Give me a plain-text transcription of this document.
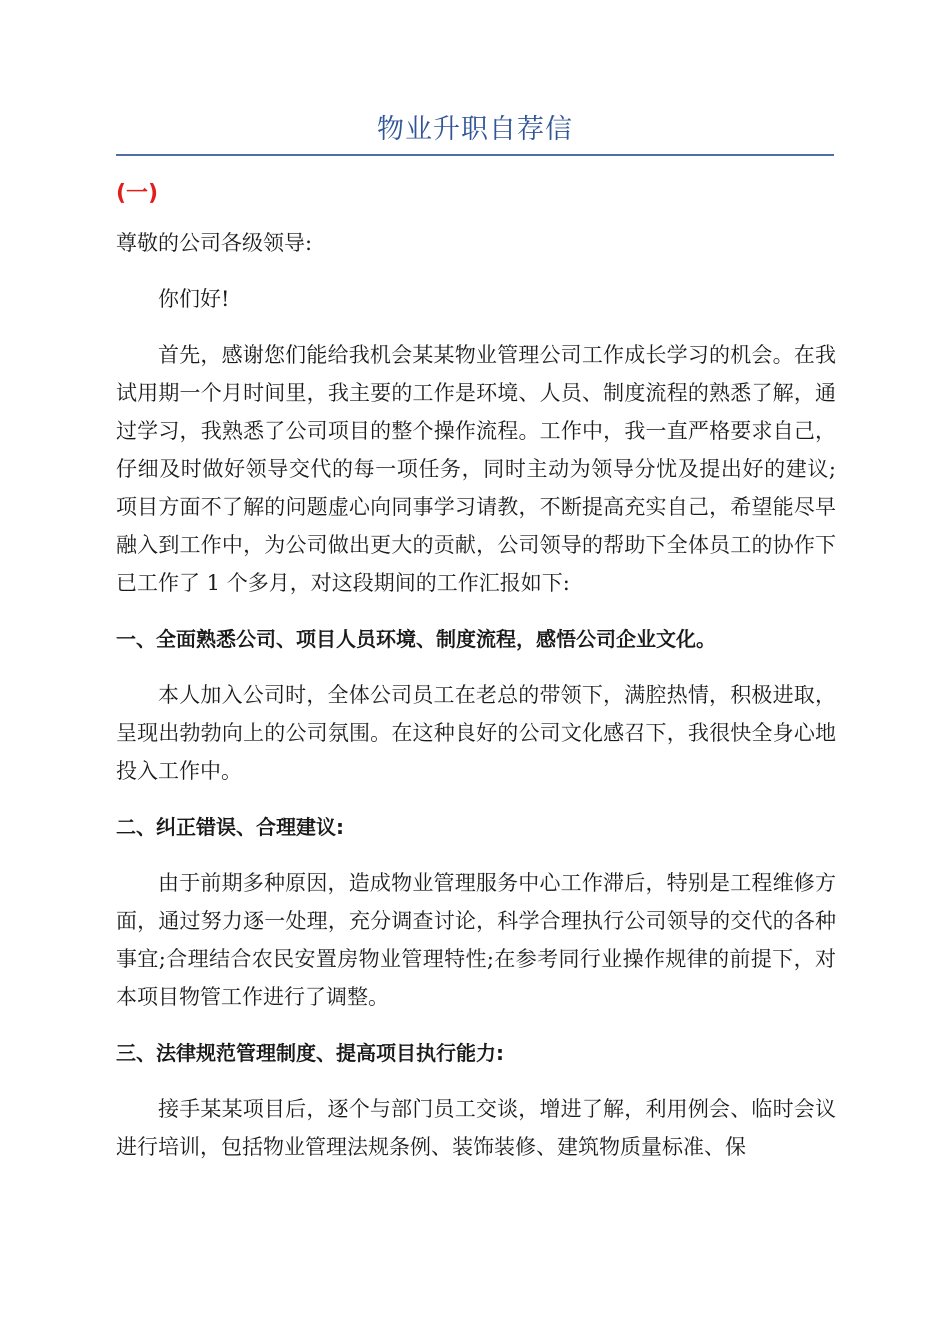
物业升职自荐信
(一)

尊敬的公司各级领导:

你们好!

首先，感谢您们能给我机会某某物业管理公司工作成长学习的机会。在我试用期一个月时间里，我主要的工作是环境、人员、制度流程的熟悉了解，通过学习，我熟悉了公司项目的整个操作流程。工作中，我一直严格要求自己，仔细及时做好领导交代的每一项任务，同时主动为领导分忧及提出好的建议;项目方面不了解的问题虚心向同事学习请教，不断提高充实自己，希望能尽早融入到工作中，为公司做出更大的贡献，公司领导的帮助下全体员工的协作下已工作了 1 个多月，对这段期间的工作汇报如下:

一、全面熟悉公司、项目人员环境、制度流程，感悟公司企业文化。

本人加入公司时，全体公司员工在老总的带领下，满腔热情，积极进取，呈现出勃勃向上的公司氛围。在这种良好的公司文化感召下，我很快全身心地投入工作中。

二、纠正错误、合理建议:

由于前期多种原因，造成物业管理服务中心工作滞后，特别是工程维修方面，通过努力逐一处理，充分调查讨论，科学合理执行公司领导的交代的各种事宜;合理结合农民安置房物业管理特性;在参考同行业操作规律的前提下，对本项目物管工作进行了调整。

三、法律规范管理制度、提高项目执行能力:

接手某某项目后，逐个与部门员工交谈，增进了解，利用例会、临时会议进行培训，包括物业管理法规条例、装饰装修、建筑物质量标准、保
